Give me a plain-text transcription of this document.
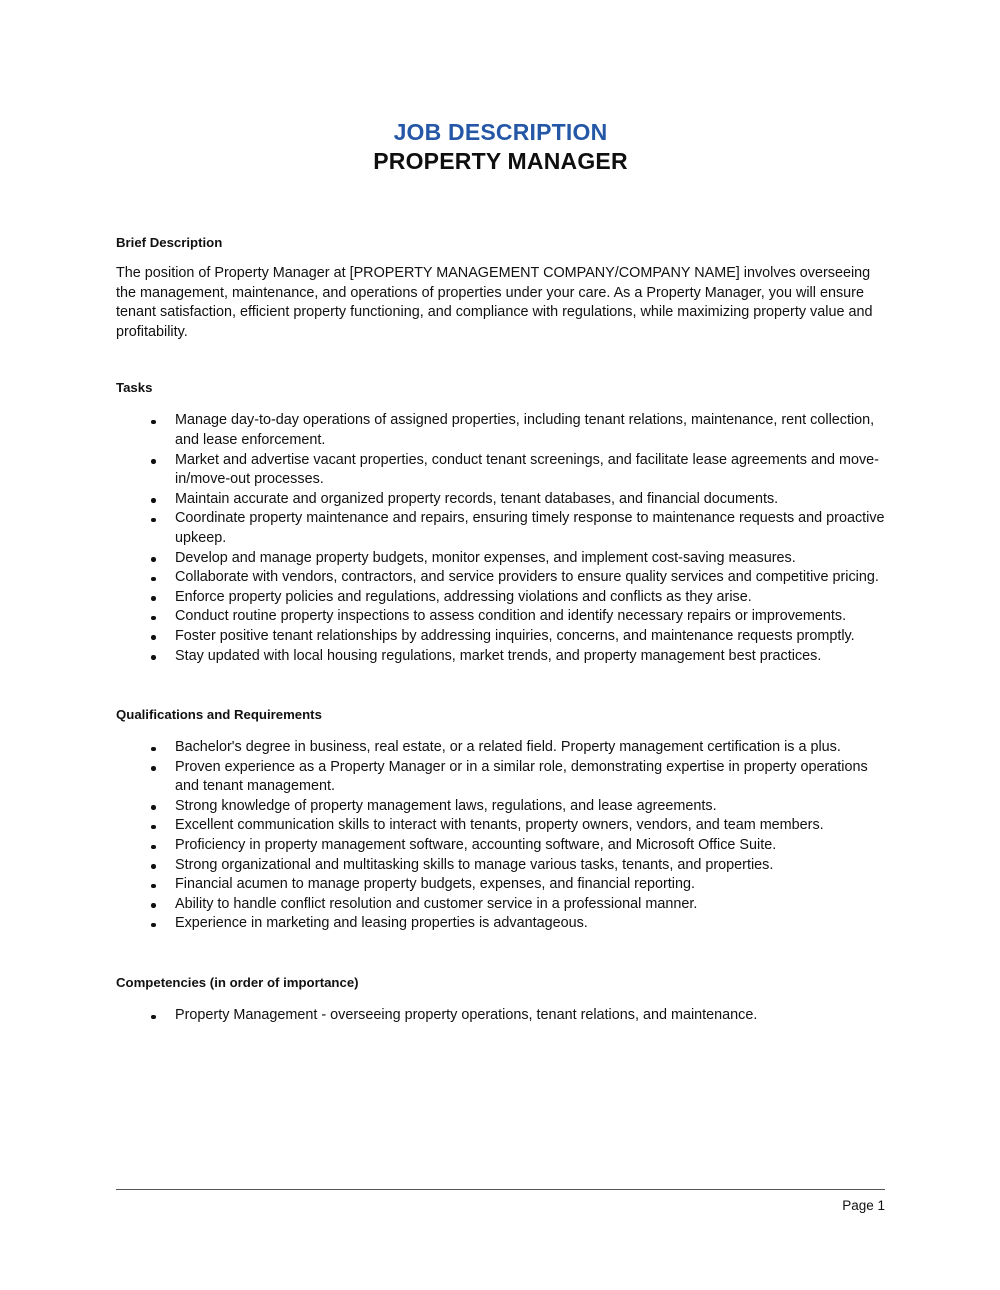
JOB DESCRIPTION
PROPERTY MANAGER
Brief Description
The position of Property Manager at [PROPERTY MANAGEMENT COMPANY/COMPANY NAME] involves overseeing the management, maintenance, and operations of properties under your care. As a Property Manager, you will ensure tenant satisfaction, efficient property functioning, and compliance with regulations, while maximizing property value and profitability.
Tasks
Manage day-to-day operations of assigned properties, including tenant relations, maintenance, rent collection, and lease enforcement.
Market and advertise vacant properties, conduct tenant screenings, and facilitate lease agreements and move-in/move-out processes.
Maintain accurate and organized property records, tenant databases, and financial documents.
Coordinate property maintenance and repairs, ensuring timely response to maintenance requests and proactive upkeep.
Develop and manage property budgets, monitor expenses, and implement cost-saving measures.
Collaborate with vendors, contractors, and service providers to ensure quality services and competitive pricing.
Enforce property policies and regulations, addressing violations and conflicts as they arise.
Conduct routine property inspections to assess condition and identify necessary repairs or improvements.
Foster positive tenant relationships by addressing inquiries, concerns, and maintenance requests promptly.
Stay updated with local housing regulations, market trends, and property management best practices.
Qualifications and Requirements
Bachelor's degree in business, real estate, or a related field. Property management certification is a plus.
Proven experience as a Property Manager or in a similar role, demonstrating expertise in property operations and tenant management.
Strong knowledge of property management laws, regulations, and lease agreements.
Excellent communication skills to interact with tenants, property owners, vendors, and team members.
Proficiency in property management software, accounting software, and Microsoft Office Suite.
Strong organizational and multitasking skills to manage various tasks, tenants, and properties.
Financial acumen to manage property budgets, expenses, and financial reporting.
Ability to handle conflict resolution and customer service in a professional manner.
Experience in marketing and leasing properties is advantageous.
Competencies (in order of importance)
Property Management - overseeing property operations, tenant relations, and maintenance.
Page 1
